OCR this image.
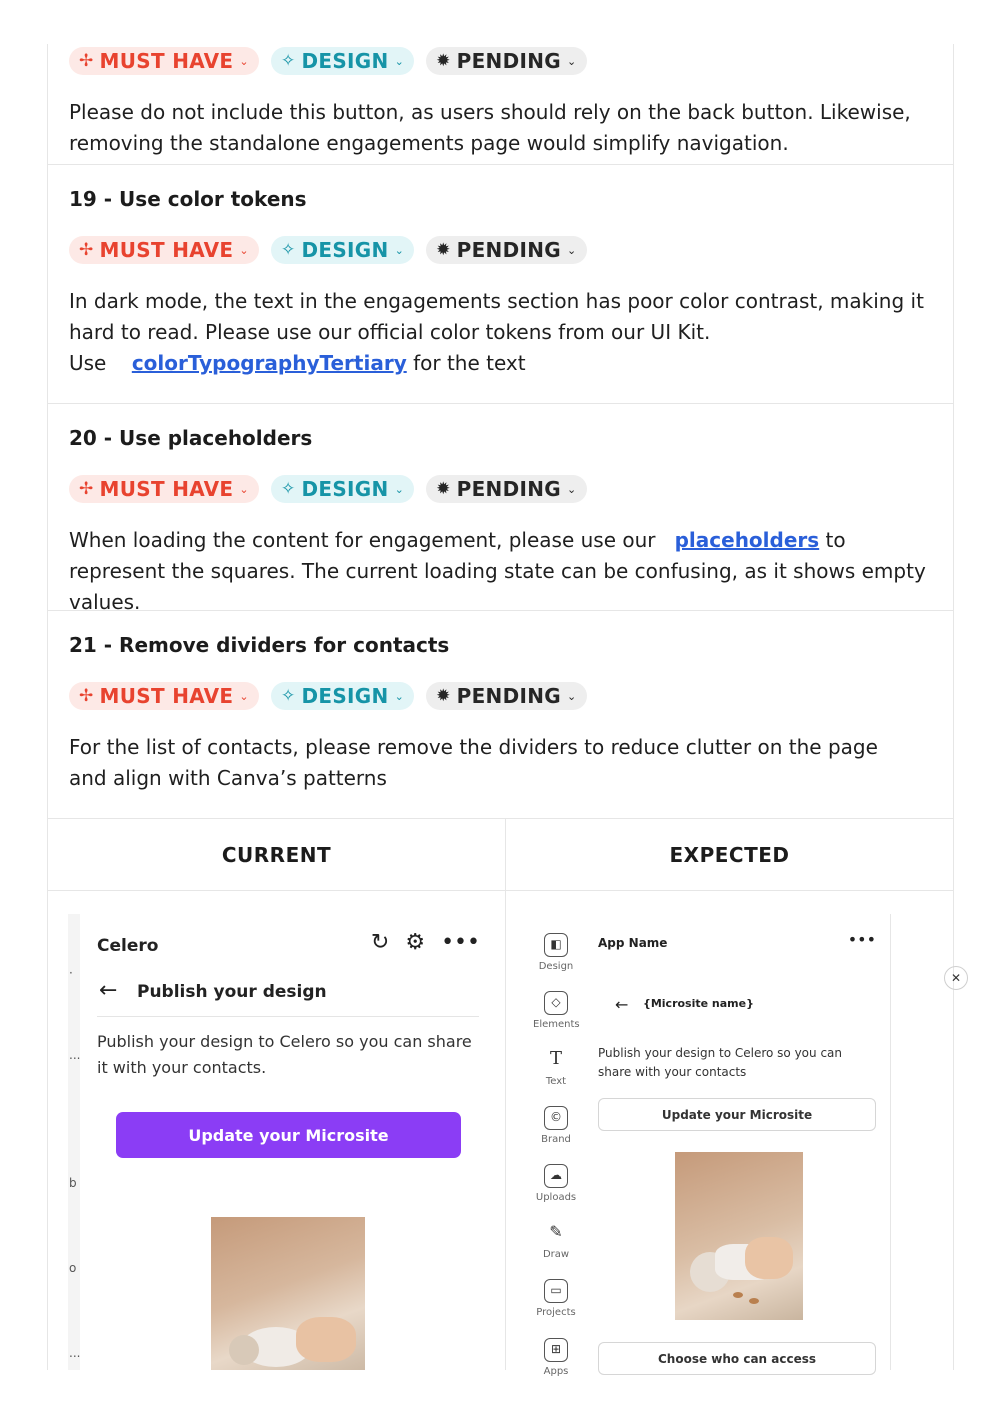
✢ MUST HAVE ⌄ ✧ DESIGN ⌄ ✹ PENDING ⌄
Please do not include this button, as users should rely on the back button. Likewise, removing the standalone engagements page would simplify navigation.
19 - Use color tokens
✢ MUST HAVE ⌄ ✧ DESIGN ⌄ ✹ PENDING ⌄
In dark mode, the text in the engagements section has poor color contrast, making it hard to read. Please use our official color tokens from our UI Kit. Use colorTypographyTertiary for the text
20 - Use placeholders
✢ MUST HAVE ⌄ ✧ DESIGN ⌄ ✹ PENDING ⌄
When loading the content for engagement, please use our placeholders to represent the squares. The current loading state can be confusing, as it shows empty values.
21 - Remove dividers for contacts
✢ MUST HAVE ⌄ ✧ DESIGN ⌄ ✹ PENDING ⌄
For the list of contacts, please remove the dividers to reduce clutter on the page and align with Canva’s patterns
CURRENT	EXPECTED
·
...
b
o
...
Celero	↻ ⚙ •••
← Publish your design
Publish your design to Celero so you can share it with your contacts.
Update your Microsite
◧
Design
◇
Elements
T
Text
©
Brand
☁
Uploads
✎
Draw
▭
Projects
⊞
Apps
App Name	•••
← {Microsite name}
Publish your design to Celero so you can share with your contacts
Update your Microsite
Choose who can access
✕
